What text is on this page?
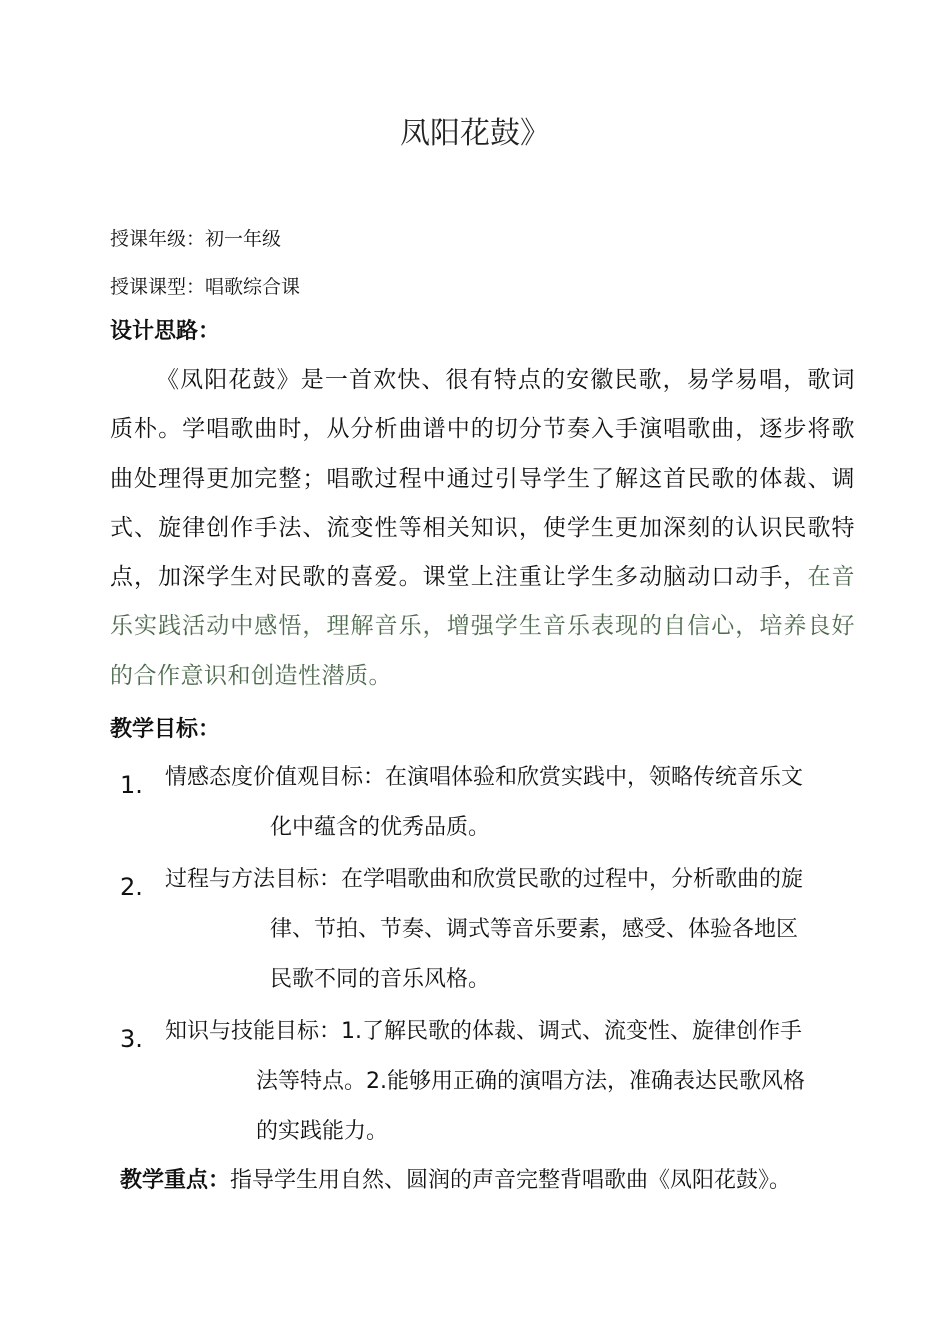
凤阳花鼓》
授课年级：初一年级
授课课型：唱歌综合课
设计思路：
《凤阳花鼓》是一首欢快、很有特点的安徽民歌，易学易唱，歌词质朴。学唱歌曲时，从分析曲谱中的切分节奏入手演唱歌曲，逐步将歌曲处理得更加完整；唱歌过程中通过引导学生了解这首民歌的体裁、调式、旋律创作手法、流变性等相关知识，使学生更加深刻的认识民歌特点，加深学生对民歌的喜爱。课堂上注重让学生多动脑动口动手，在音乐实践活动中感悟，理解音乐，增强学生音乐表现的自信心，培养良好的合作意识和创造性潜质。
教学目标：
1. 情感态度价值观目标：在演唱体验和欣赏实践中，领略传统音乐文
化中蕴含的优秀品质。
2. 过程与方法目标：在学唱歌曲和欣赏民歌的过程中，分析歌曲的旋
律、节拍、节奏、调式等音乐要素，感受、体验各地区
民歌不同的音乐风格。
3. 知识与技能目标：1.了解民歌的体裁、调式、流变性、旋律创作手
法等特点。2.能够用正确的演唱方法，准确表达民歌风格
的实践能力。
教学重点：指导学生用自然、圆润的声音完整背唱歌曲《凤阳花鼓》。
